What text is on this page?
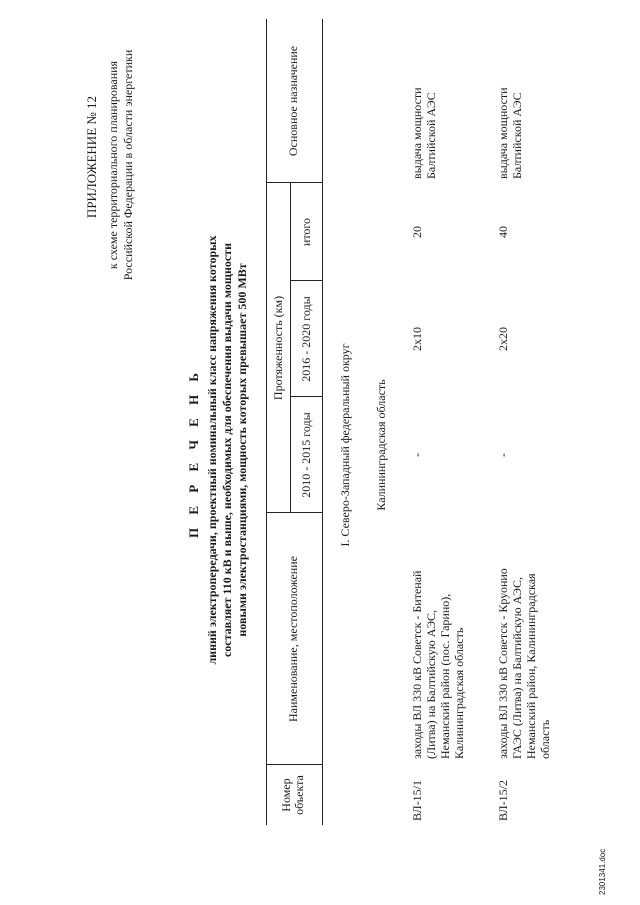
ПРИЛОЖЕНИЕ № 12 к схеме территориального планирования Российской Федерации в области энергетики
П Е Р Е Ч Е Н Ь линий электропередачи, проектный номинальный класс напряжения которых составляет 110 кВ и выше, необходимых для обеспечения выдачи мощности новыми электростанциями, мощность которых превышает 500 МВт
Номер объекта
Наименование, местоположение
Протяженность (км)
2010 - 2015 годы
2016 - 2020 годы
итого
Основное назначение
I. Северо-Западный федеральный округ Калининградская область
ВЛ-15/1
заходы ВЛ 330 кВ Советск - Битенай (Литва) на Балтийскую АЭС, Неманский район (пос. Гарино), Калининградская область
-
2х10
20
выдача мощности Балтийской АЭС
ВЛ-15/2
заходы ВЛ 330 кВ Советск - Круонио ГАЭС (Литва) на Балтийскую АЭС, Неманский район, Калининградская область
-
2х20
40
выдача мощности Балтийской АЭС
2301341.doc
